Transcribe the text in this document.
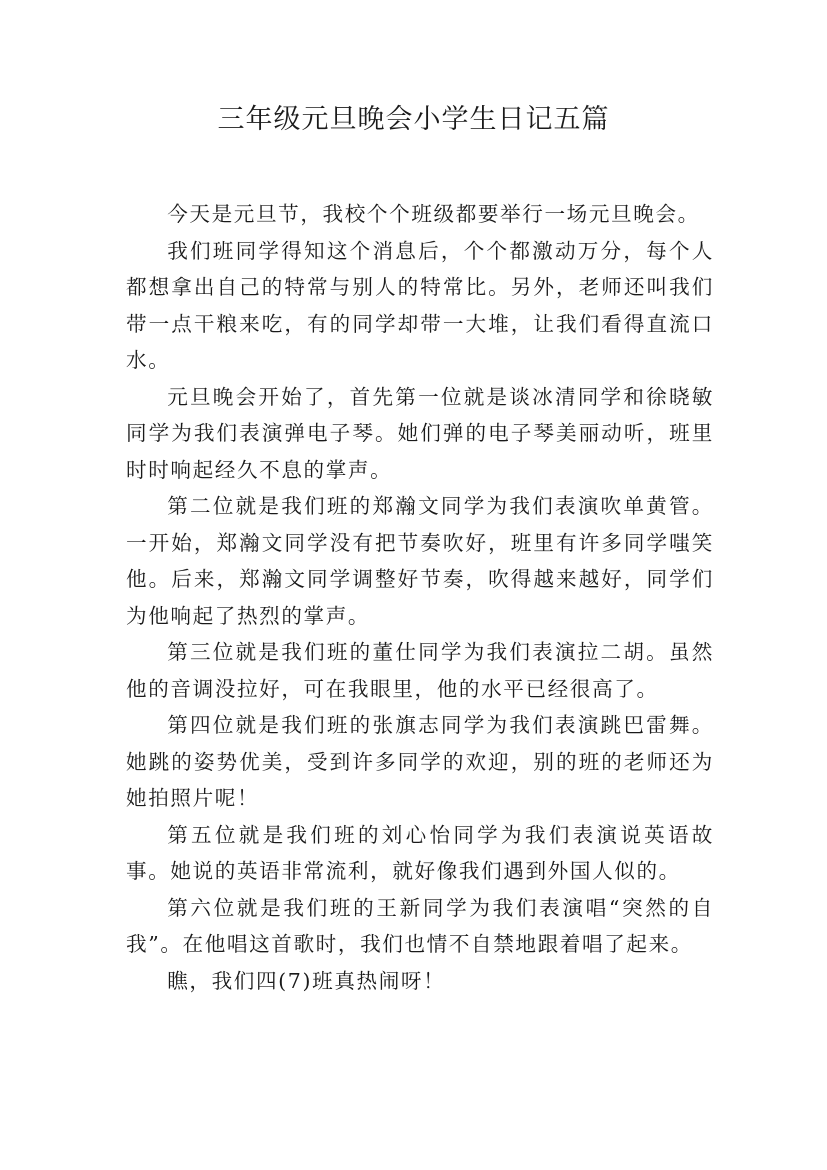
三年级元旦晚会小学生日记五篇

今天是元旦节，我校个个班级都要举行一场元旦晚会。

我们班同学得知这个消息后，个个都激动万分，每个人都想拿出自己的特常与别人的特常比。另外，老师还叫我们带一点干粮来吃，有的同学却带一大堆，让我们看得直流口水。

元旦晚会开始了，首先第一位就是谈冰清同学和徐晓敏同学为我们表演弹电子琴。她们弹的电子琴美丽动听，班里时时响起经久不息的掌声。

第二位就是我们班的郑瀚文同学为我们表演吹单黄管。一开始，郑瀚文同学没有把节奏吹好，班里有许多同学嗤笑他。后来，郑瀚文同学调整好节奏，吹得越来越好，同学们为他响起了热烈的掌声。

第三位就是我们班的董仕同学为我们表演拉二胡。虽然他的音调没拉好，可在我眼里，他的水平已经很高了。

第四位就是我们班的张旗志同学为我们表演跳巴雷舞。她跳的姿势优美，受到许多同学的欢迎，别的班的老师还为她拍照片呢！

第五位就是我们班的刘心怡同学为我们表演说英语故事。她说的英语非常流利，就好像我们遇到外国人似的。

第六位就是我们班的王新同学为我们表演唱“突然的自我”。在他唱这首歌时，我们也情不自禁地跟着唱了起来。

瞧，我们四(7)班真热闹呀！
